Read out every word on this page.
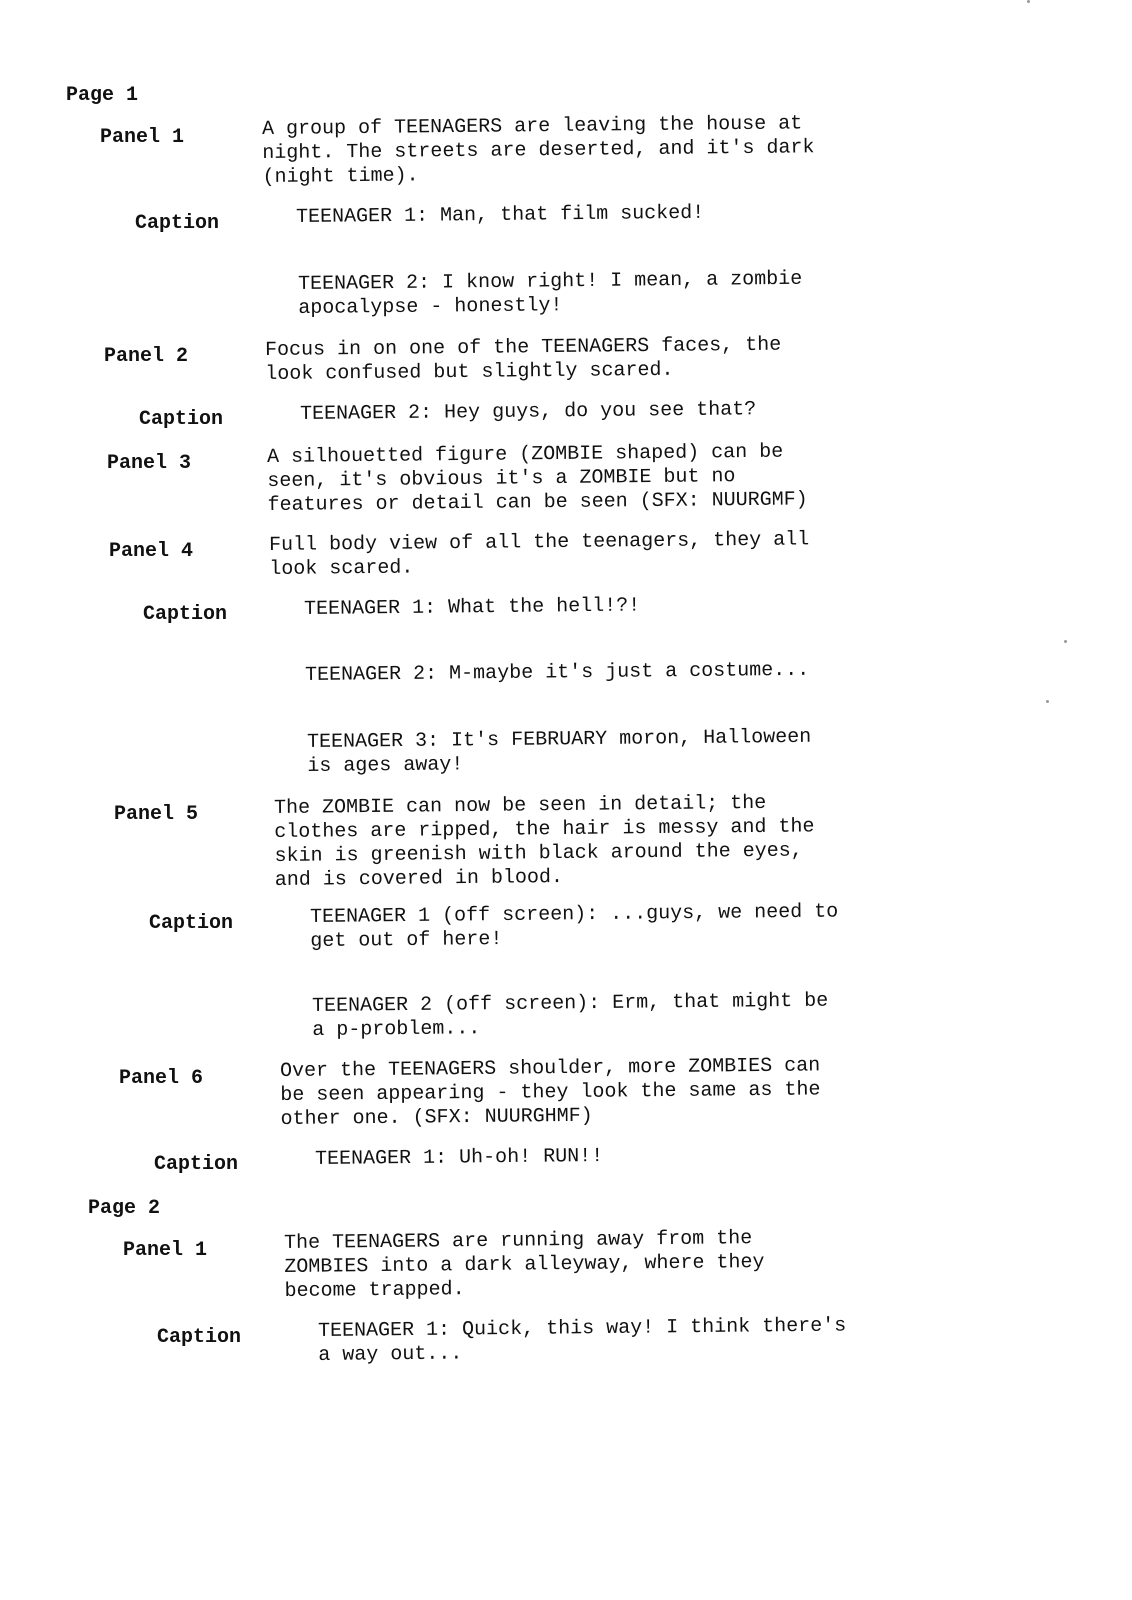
Page 1
Panel 1	A group of TEENAGERS are leaving the house at
night. The streets are deserted, and it's dark
(night time).
Caption	TEENAGER 1: Man, that film sucked!
TEENAGER 2: I know right! I mean, a zombie
apocalypse - honestly!
Panel 2	Focus in on one of the TEENAGERS faces, the
look confused but slightly scared.
Caption	TEENAGER 2: Hey guys, do you see that?
Panel 3	A silhouetted figure (ZOMBIE shaped) can be
seen, it's obvious it's a ZOMBIE but no
features or detail can be seen (SFX: NUURGMF)
Panel 4	Full body view of all the teenagers, they all
look scared.
Caption	TEENAGER 1: What the hell!?!
TEENAGER 2: M-maybe it's just a costume...
TEENAGER 3: It's FEBRUARY moron, Halloween
is ages away!
Panel 5	The ZOMBIE can now be seen in detail; the
clothes are ripped, the hair is messy and the
skin is greenish with black around the eyes,
and is covered in blood.
Caption	TEENAGER 1 (off screen): ...guys, we need to
get out of here!
TEENAGER 2 (off screen): Erm, that might be
a p-problem...
Panel 6	Over the TEENAGERS shoulder, more ZOMBIES can
be seen appearing - they look the same as the
other one. (SFX: NUURGHMF)
Caption	TEENAGER 1: Uh-oh! RUN!!
Page 2
Panel 1	The TEENAGERS are running away from the
ZOMBIES into a dark alleyway, where they
become trapped.
Caption	TEENAGER 1: Quick, this way! I think there's
a way out...
